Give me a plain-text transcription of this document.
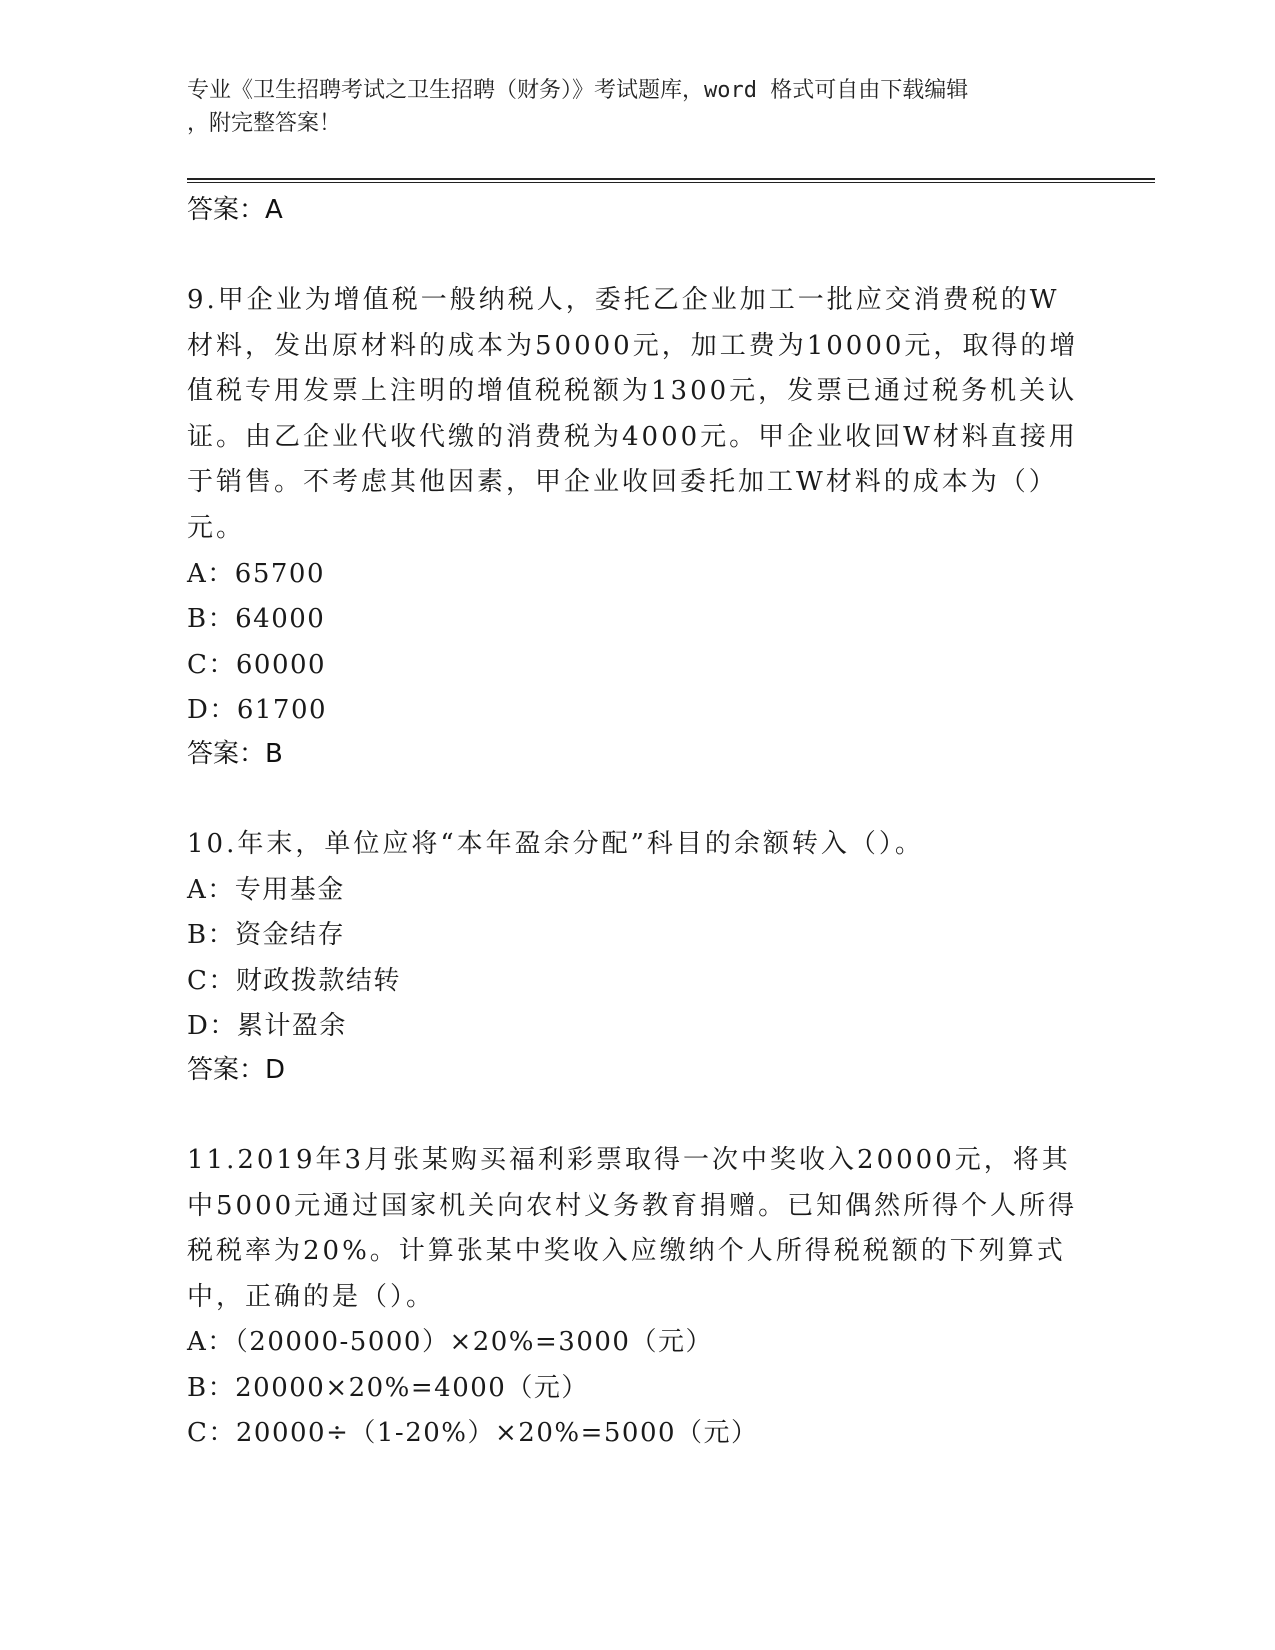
专业《卫生招聘考试之卫生招聘（财务）》考试题库，word 格式可自由下载编辑
，附完整答案！

答案：A

9.甲企业为增值税一般纳税人，委托乙企业加工一批应交消费税的W材料，发出原材料的成本为50000元，加工费为10000元，取得的增值税专用发票上注明的增值税税额为1300元，发票已通过税务机关认证。由乙企业代收代缴的消费税为4000元。甲企业收回W材料直接用于销售。不考虑其他因素，甲企业收回委托加工W材料的成本为（）元。

A：65700

B：64000

C：60000

D：61700

答案：B

10.年末，单位应将“本年盈余分配”科目的余额转入（）。

A：专用基金

B：资金结存

C：财政拨款结转

D：累计盈余

答案：D

11.2019年3月张某购买福利彩票取得一次中奖收入20000元，将其中5000元通过国家机关向农村义务教育捐赠。已知偶然所得个人所得税税率为20%。计算张某中奖收入应缴纳个人所得税税额的下列算式中，正确的是（）。

A：（20000-5000）×20%=3000（元）

B：20000×20%=4000（元）

C：20000÷（1-20%）×20%=5000（元）
